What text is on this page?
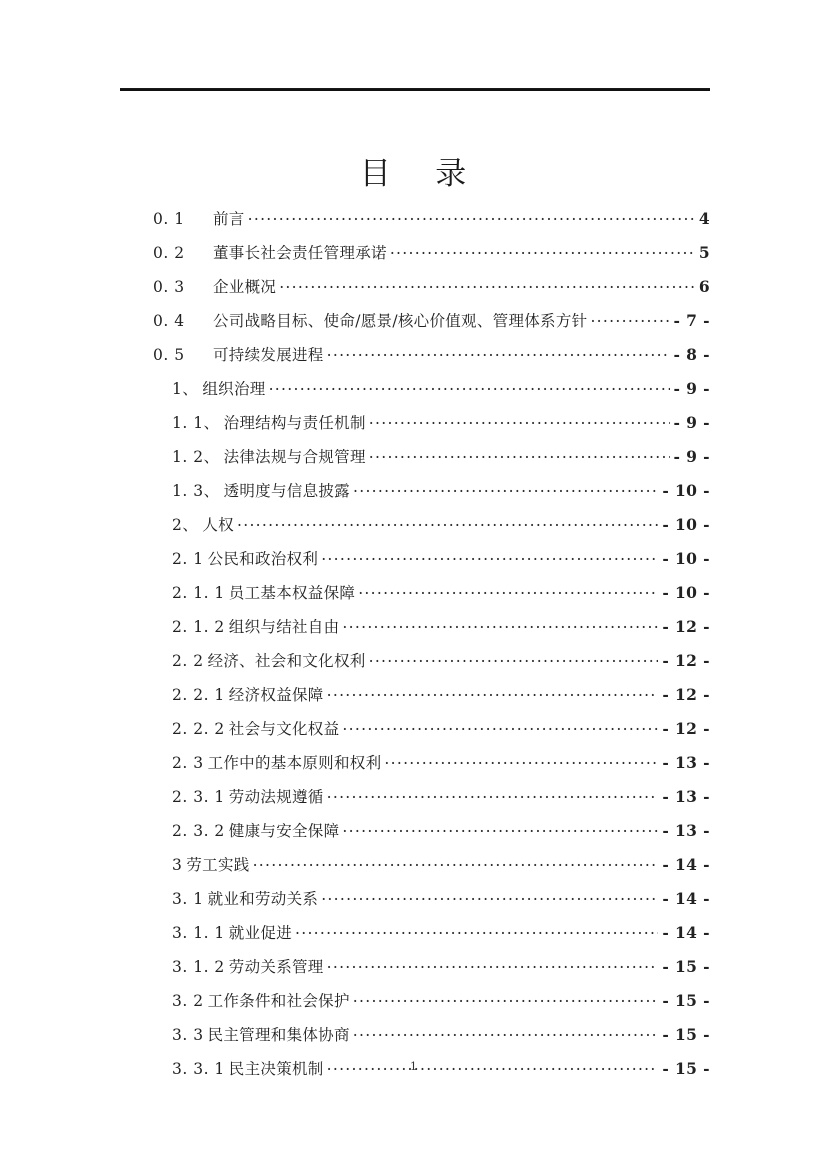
目    录
0. 1	前言 .....	4
0. 2	董事长社会责任管理承诺 .....	5
0. 3	企业概况 .....	6
0. 4	公司战略目标、使命/愿景/核心价值观、管理体系方针 .....	- 7 -
0. 5	可持续发展进程 .....	- 8 -
1、 组织治理 .....	- 9 -
1. 1、 治理结构与责任机制 .....	- 9 -
1. 2、 法律法规与合规管理 .....	- 9 -
1. 3、 透明度与信息披露 .....	- 10 -
2、 人权 .....	- 10 -
2. 1 公民和政治权利 .....	- 10 -
2. 1. 1 员工基本权益保障 .....	- 10 -
2. 1. 2 组织与结社自由 .....	- 12 -
2. 2 经济、社会和文化权利 .....	- 12 -
2. 2. 1 经济权益保障 .....	- 12 -
2. 2. 2 社会与文化权益 .....	- 12 -
2. 3 工作中的基本原则和权利 .....	- 13 -
2. 3. 1 劳动法规遵循 .....	- 13 -
2. 3. 2 健康与安全保障 .....	- 13 -
3 劳工实践 .....	- 14 -
3. 1 就业和劳动关系 .....	- 14 -
3. 1. 1 就业促进 .....	- 14 -
3. 1. 2 劳动关系管理 .....	- 15 -
3. 2 工作条件和社会保护 .....	- 15 -
3. 3 民主管理和集体协商 .....	- 15 -
3. 3. 1 民主决策机制 .....	- 15 -
1
